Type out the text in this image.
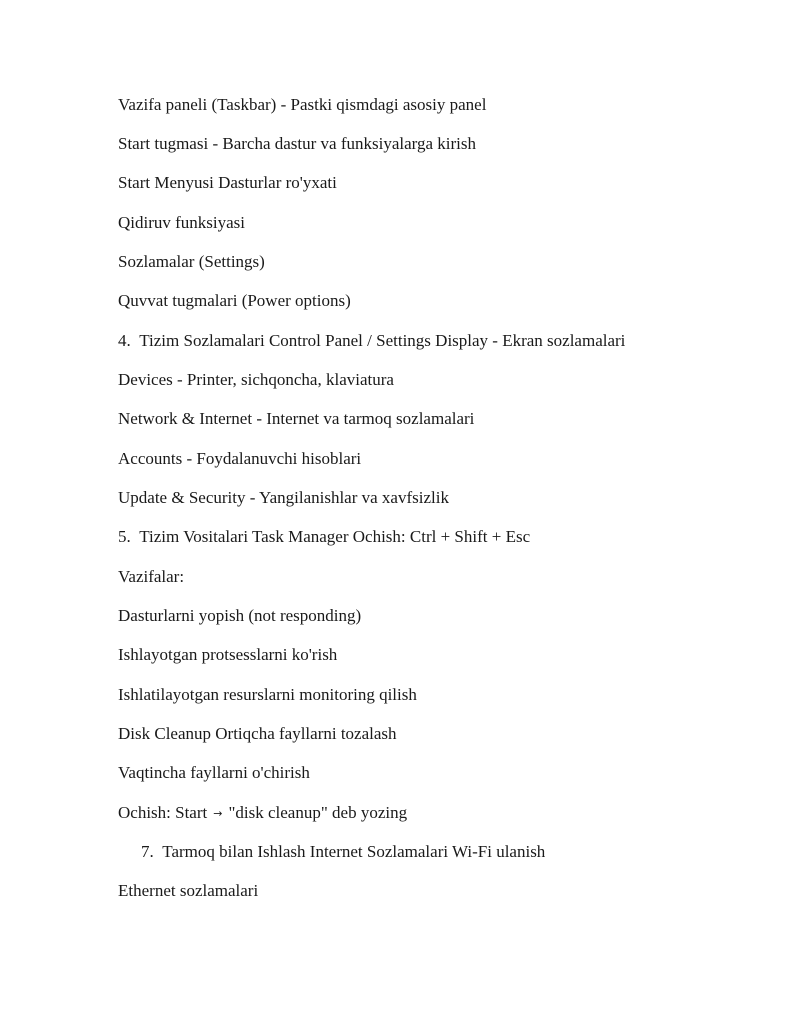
Vazifa paneli (Taskbar) - Pastki qismdagi asosiy panel
Start tugmasi - Barcha dastur va funksiyalarga kirish
Start Menyusi Dasturlar ro'yxati
Qidiruv funksiyasi
Sozlamalar (Settings)
Quvvat tugmalari (Power options)
4. Tizim Sozlamalari Control Panel / Settings Display - Ekran sozlamalari
Devices - Printer, sichqoncha, klaviatura
Network & Internet - Internet va tarmoq sozlamalari
Accounts - Foydalanuvchi hisoblari
Update & Security - Yangilanishlar va xavfsizlik
5. Tizim Vositalari Task Manager Ochish: Ctrl + Shift + Esc
Vazifalar:
Dasturlarni yopish (not responding)
Ishlayotgan protsesslarni ko'rish
Ishlatilayotgan resurslarni monitoring qilish
Disk Cleanup Ortiqcha fayllarni tozalash
Vaqtincha fayllarni o'chirish
Ochish: Start → "disk cleanup" deb yozing
7. Tarmoq bilan Ishlash Internet Sozlamalari Wi-Fi ulanish
Ethernet sozlamalari
